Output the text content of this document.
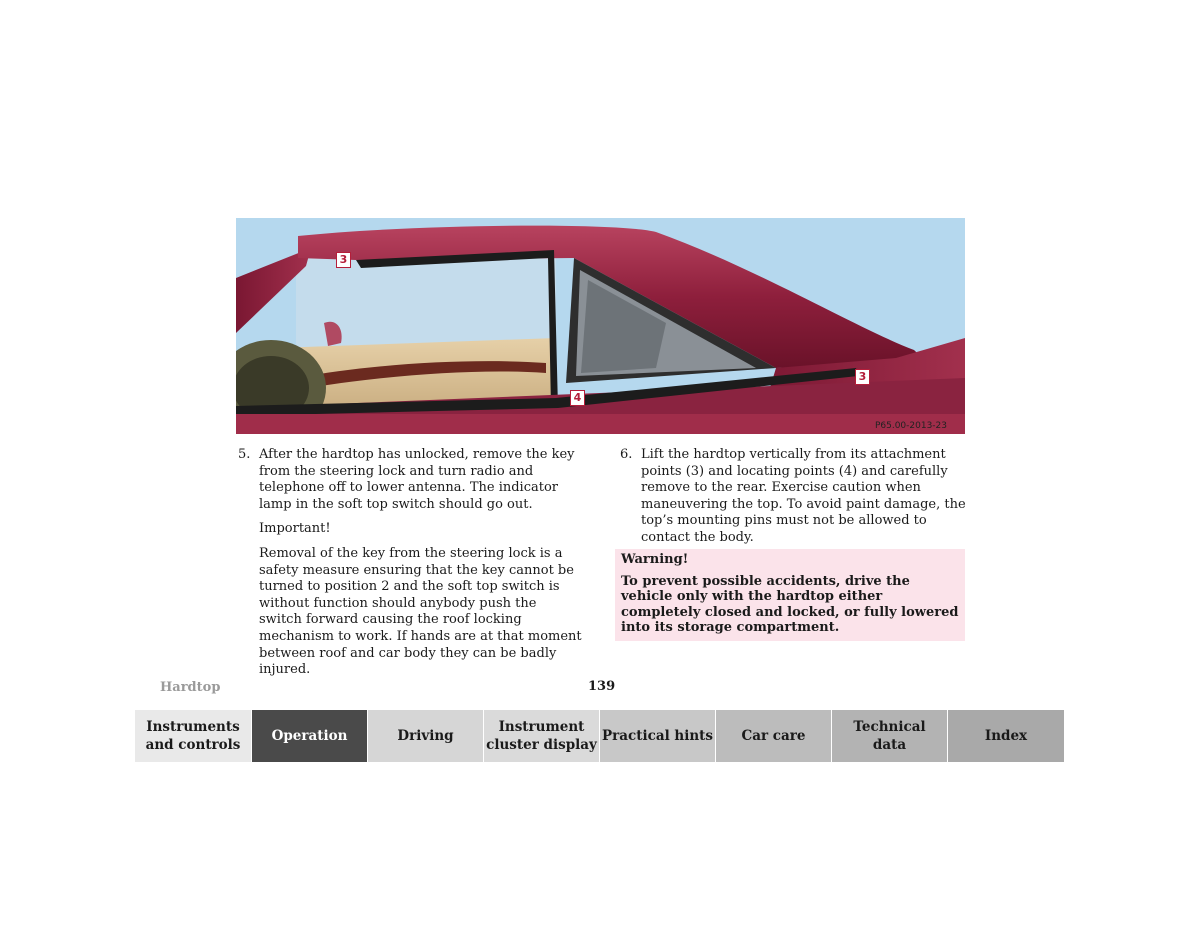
3
3
4
P65.00-2013-23
5. After the hardtop has unlocked, remove the key from the steering lock and turn radio and telephone off to lower antenna. The indicator lamp in the soft top switch should go out.
Important!
Removal of the key from the steering lock is a safety measure ensuring that the key cannot be turned to position 2 and the soft top switch is without function should anybody push the switch forward causing the roof locking mechanism to work. If hands are at that moment between roof and car body they can be badly injured.
6. Lift the hardtop vertically from its attachment points (3) and locating points (4) and carefully remove to the rear. Exercise caution when maneuvering the top. To avoid paint damage, the top’s mounting pins must not be allowed to contact the body.
Warning!
To prevent possible accidents, drive the vehicle only with the hardtop either completely closed and locked, or fully lowered into its storage compartment.
Hardtop	139
Instruments
and controls
Operation	Driving
Instrument
cluster display
Practical hints	Car care
Technical
data
Index
